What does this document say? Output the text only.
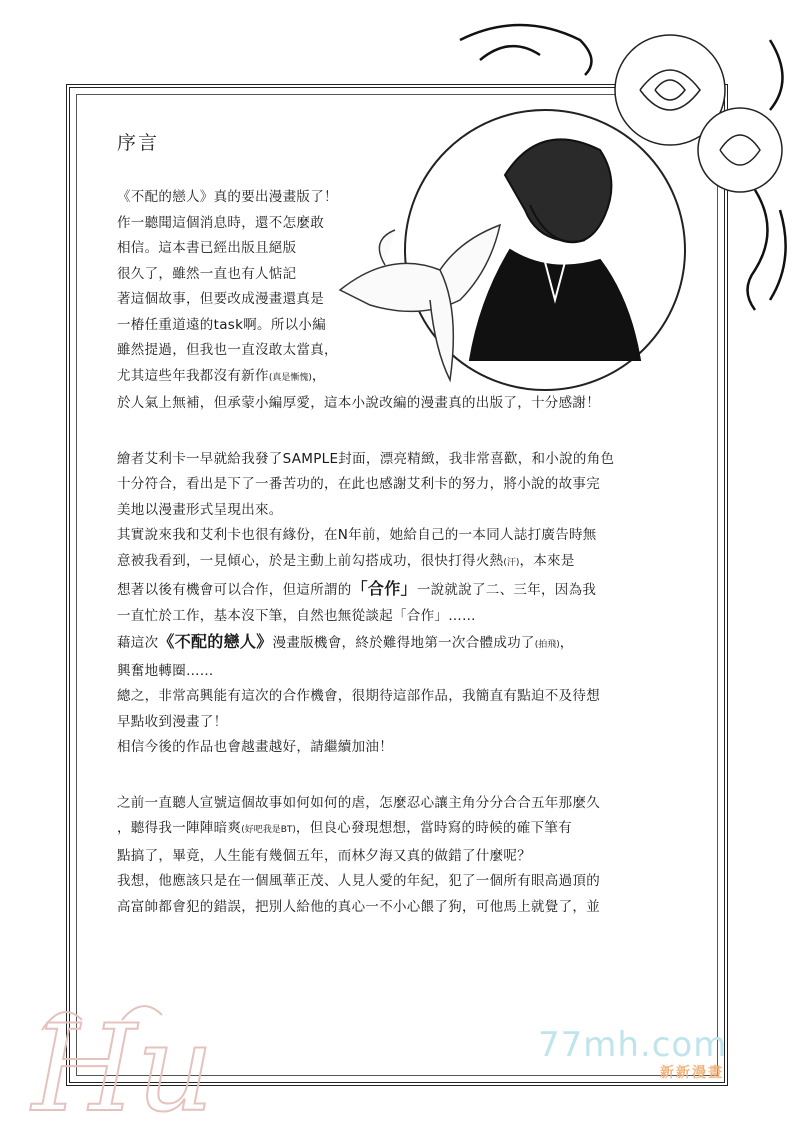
序言

《不配的戀人》真的要出漫畫版了！

作一聽聞這個消息時，還不怎麼敢

相信。這本書已經出版且絕版

很久了，雖然一直也有人惦記

著這個故事，但要改成漫畫還真是

一椿任重道遠的task啊。所以小編

雖然提過，但我也一直沒敢太當真，

尤其這些年我都沒有新作(真是慚愧)，

於人氣上無補，但承蒙小編厚愛，這本小說改編的漫畫真的出版了，十分感謝！

繪者艾利卡一早就給我發了SAMPLE封面，漂亮精緻，我非常喜歡，和小說的角色

十分符合，看出是下了一番苦功的，在此也感謝艾利卡的努力，將小說的故事完

美地以漫畫形式呈現出來。

其實說來我和艾利卡也很有緣份，在N年前，她給自己的一本同人誌打廣告時無

意被我看到，一見傾心，於是主動上前勾搭成功，很快打得火熱(汗)，本來是

想著以後有機會可以合作，但這所謂的「合作」一說就說了二、三年，因為我

一直忙於工作，基本沒下筆，自然也無從談起「合作」……

藉這次《不配的戀人》漫畫版機會，終於難得地第一次合體成功了(拍飛)，

興奮地轉圈……

總之，非常高興能有這次的合作機會，很期待這部作品，我簡直有點迫不及待想

早點收到漫畫了！

相信今後的作品也會越畫越好，請繼續加油！

之前一直聽人宣號這個故事如何如何的虐，怎麼忍心讓主角分分合合五年那麼久

，聽得我一陣陣暗爽(好吧我是BT)，但良心發現想想，當時寫的時候的確下筆有

點搞了，畢竟，人生能有幾個五年，而林夕海又真的做錯了什麼呢？

我想，他應該只是在一個風華正茂、人見人愛的年紀，犯了一個所有眼高過頂的

高富帥都會犯的錯誤，把別人給他的真心一不小心餵了狗，可他馬上就覺了，並

Hu	77mh.com
新新漫畫
